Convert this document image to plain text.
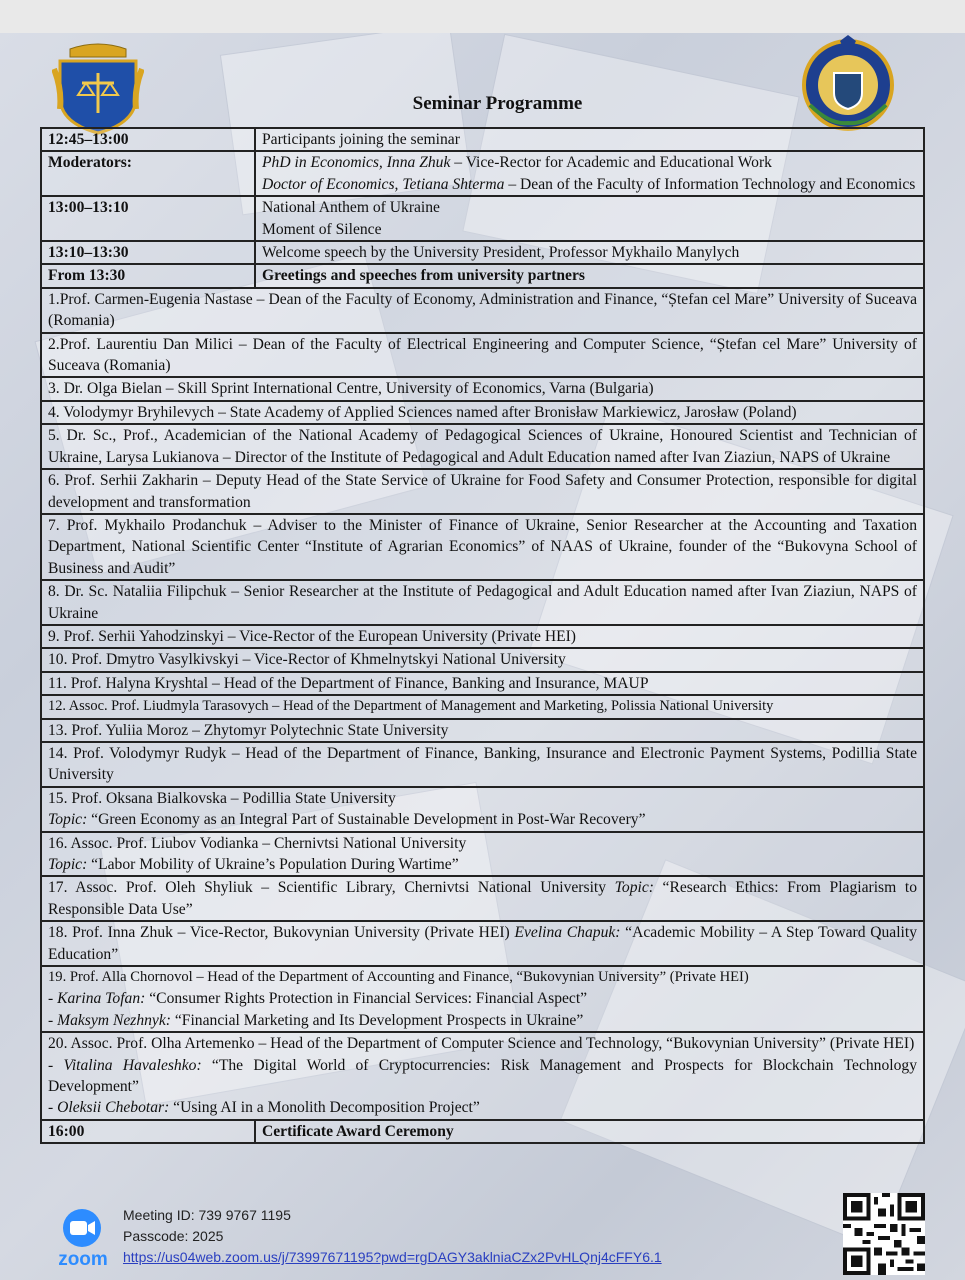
Seminar Programme
12:45–13:00	Participants joining the seminar
Moderators:	PhD in Economics, Inna Zhuk – Vice-Rector for Academic and Educational Work
Doctor of Economics, Tetiana Shterma – Dean of the Faculty of Information Technology and Economics

13:00–13:10	National Anthem of Ukraine
Moment of Silence

13:10–13:30	Welcome speech by the University President, Professor Mykhailo Manylych
From 13:30	Greetings and speeches from university partners
1.Prof. Carmen-Eugenia Nastase – Dean of the Faculty of Economy, Administration and Finance, “Ștefan cel Mare” University of Suceava (Romania)	
2.Prof. Laurentiu Dan Milici – Dean of the Faculty of Electrical Engineering and Computer Science, “Ștefan cel Mare” University of Suceava (Romania)	
3. Dr. Olga Bielan – Skill Sprint International Centre, University of Economics, Varna (Bulgaria)	
4. Volodymyr Bryhilevych – State Academy of Applied Sciences named after Bronisław Markiewicz, Jarosław (Poland)	
5. Dr. Sc., Prof., Academician of the National Academy of Pedagogical Sciences of Ukraine, Honoured Scientist and Technician of Ukraine, Larysa Lukianova – Director of the Institute of Pedagogical and Adult Education named after Ivan Ziaziun, NAPS of Ukraine	
6. Prof. Serhii Zakharin – Deputy Head of the State Service of Ukraine for Food Safety and Consumer Protection, responsible for digital development and transformation	
7. Prof. Mykhailo Prodanchuk – Adviser to the Minister of Finance of Ukraine, Senior Researcher at the Accounting and Taxation Department, National Scientific Center “Institute of Agrarian Economics” of NAAS of Ukraine, founder of the “Bukovyna School of Business and Audit”	
8. Dr. Sc. Nataliia Filipchuk – Senior Researcher at the Institute of Pedagogical and Adult Education named after Ivan Ziaziun, NAPS of Ukraine	
9. Prof. Serhii Yahodzinskyi – Vice-Rector of the European University (Private HEI)	
10. Prof. Dmytro Vasylkivskyi – Vice-Rector of Khmelnytskyi National University	
11. Prof. Halyna Kryshtal – Head of the Department of Finance, Banking and Insurance, MAUP	
12. Assoc. Prof. Liudmyla Tarasovych – Head of the Department of Management and Marketing, Polissia National University	
13. Prof. Yuliia Moroz – Zhytomyr Polytechnic State University	
14. Prof. Volodymyr Rudyk – Head of the Department of Finance, Banking, Insurance and Electronic Payment Systems, Podillia State University	

15. Prof. Oksana Bialkovska – Podillia State University
Topic: “Green Economy as an Integral Part of Sustainable Development in Post-War Recovery”	

16. Assoc. Prof. Liubov Vodianka – Chernivtsi National University
Topic: “Labor Mobility of Ukraine’s Population During Wartime”	

17. Assoc. Prof. Oleh Shyliuk – Scientific Library, Chernivtsi National University Topic: “Research Ethics: From Plagiarism to Responsible Data Use”	
18. Prof. Inna Zhuk – Vice-Rector, Bukovynian University (Private HEI) Evelina Chapuk: “Academic Mobility – A Step Toward Quality Education”	

19. Prof. Alla Chornovol – Head of the Department of Accounting and Finance, “Bukovynian University” (Private HEI)
- Karina Tofan: “Consumer Rights Protection in Financial Services: Financial Aspect”
- Maksym Nezhnyk: “Financial Marketing and Its Development Prospects in Ukraine”	

20. Assoc. Prof. Olha Artemenko – Head of the Department of Computer Science and Technology, “Bukovynian University” (Private HEI)
- Vitalina Havaleshko: “The Digital World of Cryptocurrencies: Risk Management and Prospects for Blockchain Technology Development”
- Oleksii Chebotar: “Using AI in a Monolith Decomposition Project”	

16:00	Certificate Award Ceremony
zoom
Meeting ID: 739 9767 1195
Passcode: 2025
https://us04web.zoom.us/j/73997671195?pwd=rgDAGY3aklniaCZx2PvHLQnj4cFFY6.1
